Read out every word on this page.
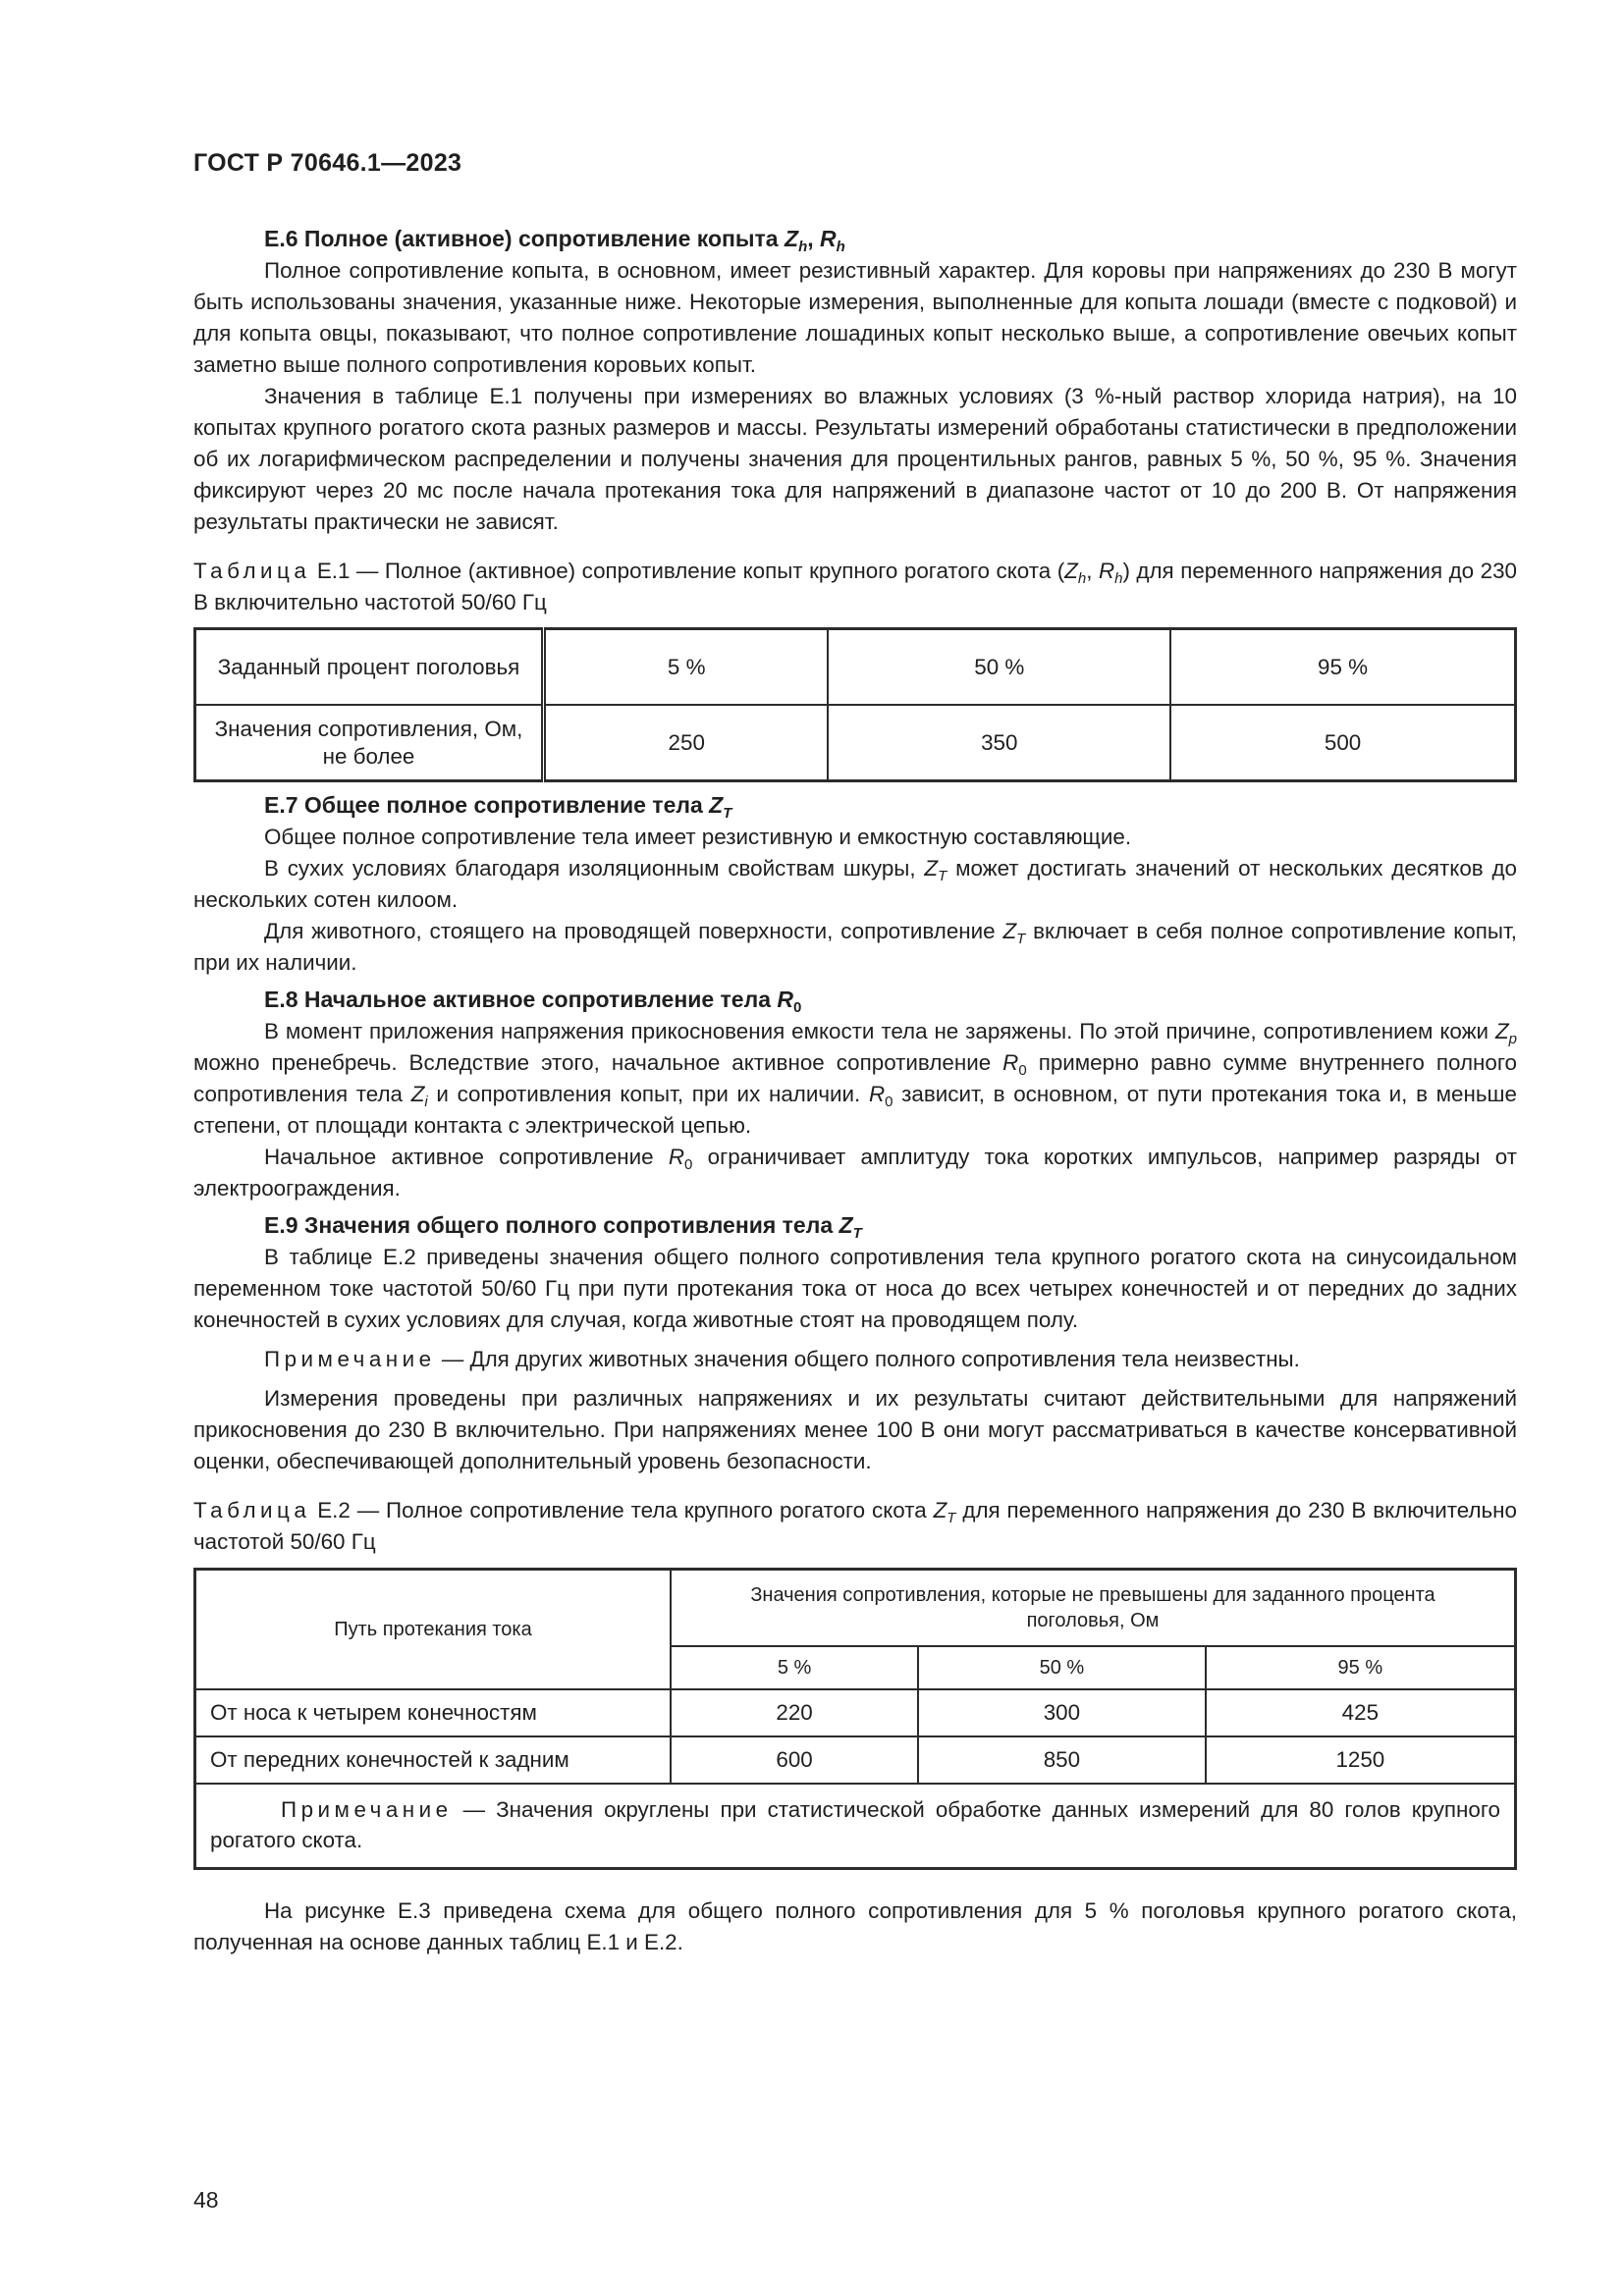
ГОСТ Р 70646.1—2023
Е.6 Полное (активное) сопротивление копыта $Z_h$, $R_h$

Полное сопротивление копыта, в основном, имеет резистивный характер. Для коровы при напряжениях до 230 В могут быть использованы значения, указанные ниже. Некоторые измерения, выполненные для копыта лошади (вместе с подковой) и для копыта овцы, показывают, что полное сопротивление лошадиных копыт несколько выше, а сопротивление овечьих копыт заметно выше полного сопротивления коровьих копыт.

Значения в таблице Е.1 получены при измерениях во влажных условиях (3 %-ный раствор хлорида натрия), на 10 копытах крупного рогатого скота разных размеров и массы. Результаты измерений обработаны статистически в предположении об их логарифмическом распределении и получены значения для процентильных рангов, равных 5 %, 50 %, 95 %. Значения фиксируют через 20 мс после начала протекания тока для напряжений в диапазоне частот от 10 до 200 В. От напряжения результаты практически не зависят.

Таблица Е.1 — Полное (активное) сопротивление копыт крупного рогатого скота ($Z_h$, $R_h$) для переменного напряжения до 230 В включительно частотой 50/60 Гц

Заданный процент поголовья	5 %	50 %	95 %
Значения сопротивления, Ом, не более	250	350	500
Е.7 Общее полное сопротивление тела $Z_T$

Общее полное сопротивление тела имеет резистивную и емкостную составляющие.

В сухих условиях благодаря изоляционным свойствам шкуры, $Z_T$ может достигать значений от нескольких десятков до нескольких сотен килоом.

Для животного, стоящего на проводящей поверхности, сопротивление $Z_T$ включает в себя полное сопротивление копыт, при их наличии.

Е.8 Начальное активное сопротивление тела $R_0$

В момент приложения напряжения прикосновения емкости тела не заряжены. По этой причине, сопротивлением кожи $Z_p$ можно пренебречь. Вследствие этого, начальное активное сопротивление $R_0$ примерно равно сумме внутреннего полного сопротивления тела $Z_i$ и сопротивления копыт, при их наличии. $R_0$ зависит, в основном, от пути протекания тока и, в меньше степени, от площади контакта с электрической цепью.

Начальное активное сопротивление $R_0$ ограничивает амплитуду тока коротких импульсов, например разряды от электроограждения.

Е.9 Значения общего полного сопротивления тела $Z_T$

В таблице Е.2 приведены значения общего полного сопротивления тела крупного рогатого скота на синусоидальном переменном токе частотой 50/60 Гц при пути протекания тока от носа до всех четырех конечностей и от передних до задних конечностей в сухих условиях для случая, когда животные стоят на проводящем полу.

Примечание — Для других животных значения общего полного сопротивления тела неизвестны.

Измерения проведены при различных напряжениях и их результаты считают действительными для напряжений прикосновения до 230 В включительно. При напряжениях менее 100 В они могут рассматриваться в качестве консервативной оценки, обеспечивающей дополнительный уровень безопасности.

Таблица Е.2 — Полное сопротивление тела крупного рогатого скота $Z_T$ для переменного напряжения до 230 В включительно частотой 50/60 Гц

Путь протекания тока	Значения сопротивления, которые не превышены для заданного процента поголовья, Ом		
	5 %	50 %	95 %
От носа к четырем конечностям	220	300	425
От передних конечностей к задним	600	850	1250
Примечание — Значения округлены при статистической обработке данных измерений для 80 голов крупного рогатого скота.			

На рисунке Е.3 приведена схема для общего полного сопротивления для 5 % поголовья крупного рогатого скота, полученная на основе данных таблиц Е.1 и Е.2.

48
